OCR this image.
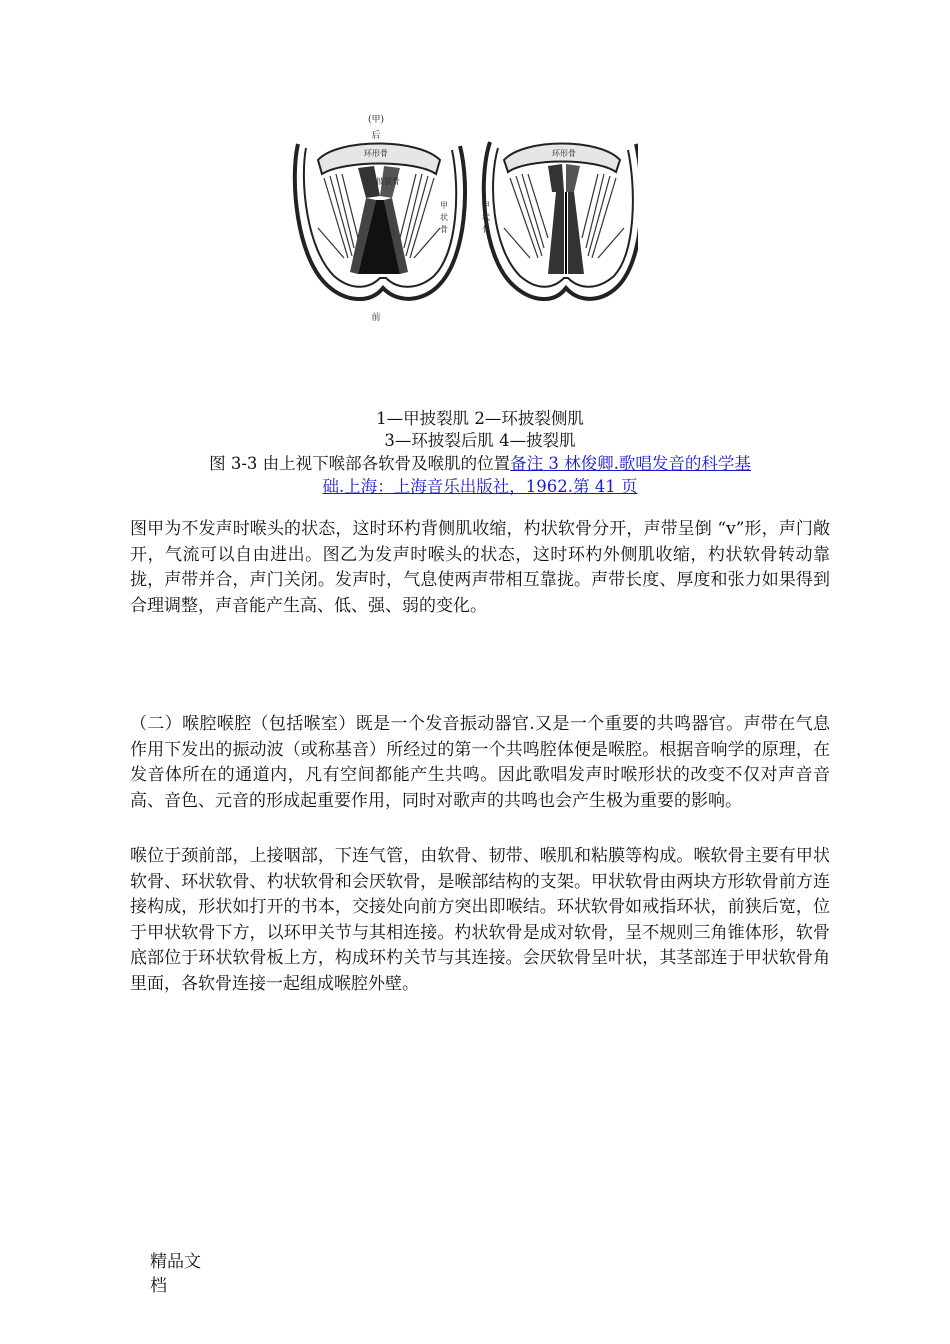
(甲)
后
环形骨
披裂骨
前
甲
状
骨
环形骨
甲
状
骨
1—甲披裂肌 2—环披裂侧肌
3—环披裂后肌 4—披裂肌
图 3-3 由上视下喉部各软骨及喉肌的位置备注 3 林俊卿.歌唱发音的科学基
础.上海：上海音乐出版社，1962.第 41 页

图甲为不发声时喉头的状态，这时环杓背侧肌收缩，杓状软骨分开，声带呈倒 “v”形，声门敞开，气流可以自由进出。图乙为发声时喉头的状态，这时环杓外侧肌收缩，杓状软骨转动靠拢，声带并合，声门关闭。发声时，气息使两声带相互靠拢。声带长度、厚度和张力如果得到合理调整，声音能产生高、低、强、弱的变化。

（二）喉腔喉腔（包括喉室）既是一个发音振动器官.又是一个重要的共鸣器官。声带在气息作用下发出的振动波（或称基音）所经过的第一个共鸣腔体便是喉腔。根据音响学的原理，在发音体所在的通道内，凡有空间都能产生共鸣。因此歌唱发声时喉形状的改变不仅对声音音高、音色、元音的形成起重要作用，同时对歌声的共鸣也会产生极为重要的影响。

喉位于颈前部，上接咽部，下连气管，由软骨、韧带、喉肌和粘膜等构成。喉软骨主要有甲状软骨、环状软骨、杓状软骨和会厌软骨，是喉部结构的支架。甲状软骨由两块方形软骨前方连接构成，形状如打开的书本，交接处向前方突出即喉结。环状软骨如戒指环状，前狭后宽，位于甲状软骨下方，以环甲关节与其相连接。杓状软骨是成对软骨，呈不规则三角锥体形，软骨底部位于环状软骨板上方，构成环杓关节与其连接。会厌软骨呈叶状，其茎部连于甲状软骨角里面，各软骨连接一起组成喉腔外壁。

精品文
档
